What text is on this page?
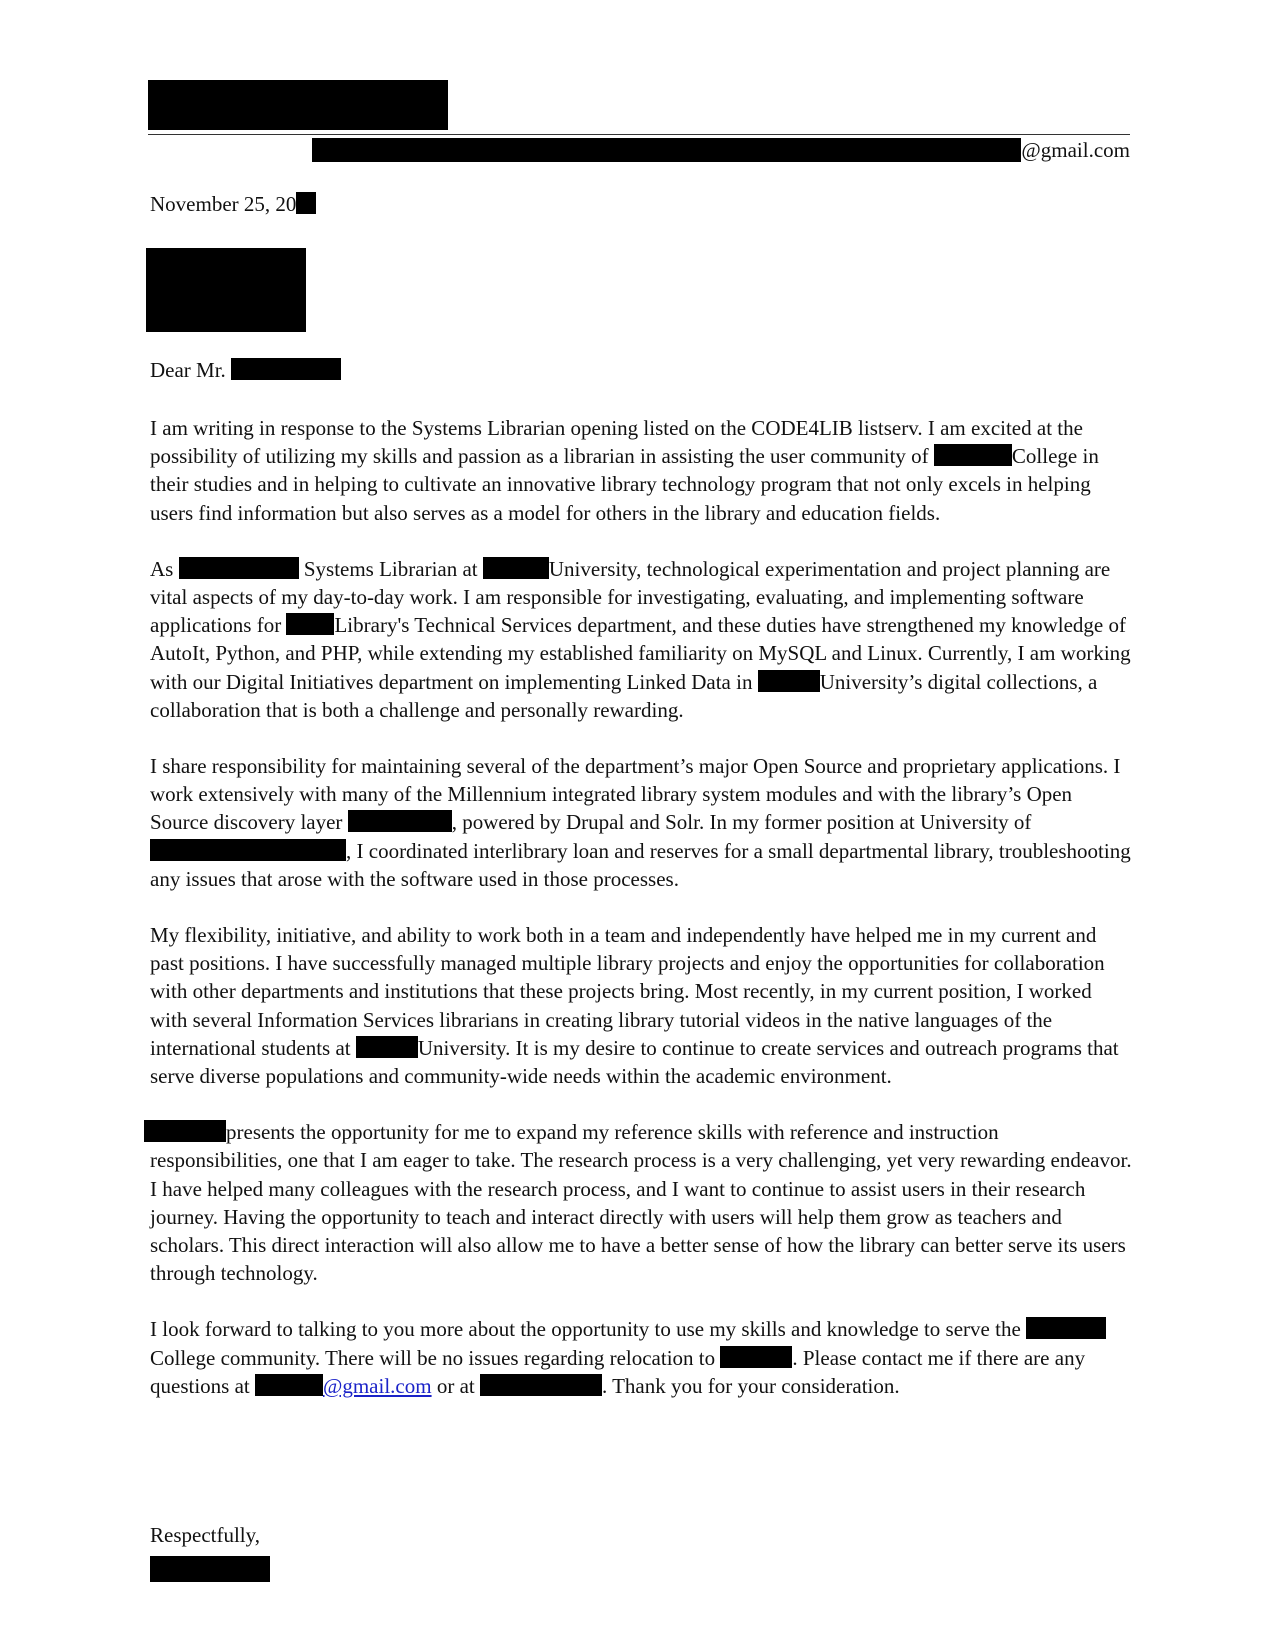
@gmail.com
November 25, 20
Dear Mr.

I am writing in response to the Systems Librarian opening listed on the CODE4LIB listserv. I am excited at the possibility of utilizing my skills and passion as a librarian in assisting the user community of	College in their studies and in helping to cultivate an innovative library technology program that not only excels in helping users find information but also serves as a model for others in the library and education fields.

As	Systems Librarian at	University, technological experimentation and project planning are vital aspects of my day-to-day work. I am responsible for investigating, evaluating, and implementing software applications for Library's Technical Services department, and these duties have strengthened my knowledge of AutoIt, Python, and PHP, while extending my established familiarity on MySQL and Linux. Currently, I am working with our Digital Initiatives department on implementing Linked Data in	University’s digital collections, a collaboration that is both a challenge and personally rewarding.

I share responsibility for maintaining several of the department’s major Open Source and proprietary applications. I work extensively with many of the Millennium integrated library system modules and with the library’s Open Source discovery layer	, powered by Drupal and Solr. In my former position at University of , I coordinated interlibrary loan and reserves for a small departmental library, troubleshooting any issues that arose with the software used in those processes.

My flexibility, initiative, and ability to work both in a team and independently have helped me in my current and past positions. I have successfully managed multiple library projects and enjoy the opportunities for collaboration with other departments and institutions that these projects bring. Most recently, in my current position, I worked with several Information Services librarians in creating library tutorial videos in the native languages of the international students at	University. It is my desire to continue to create services and outreach programs that serve diverse populations and community-wide needs within the academic environment.

presents the opportunity for me to expand my reference skills with reference and instruction responsibilities, one that I am eager to take. The research process is a very challenging, yet very rewarding endeavor. I have helped many colleagues with the research process, and I want to continue to assist users in their research journey. Having the opportunity to teach and interact directly with users will help them grow as teachers and scholars. This direct interaction will also allow me to have a better sense of how the library can better serve its users through technology.

I look forward to talking to you more about the opportunity to use my skills and knowledge to serve the  College community. There will be no issues regarding relocation to	. Please contact me if there are any questions at	@gmail.com or at	. Thank you for your consideration.

Respectfully,
